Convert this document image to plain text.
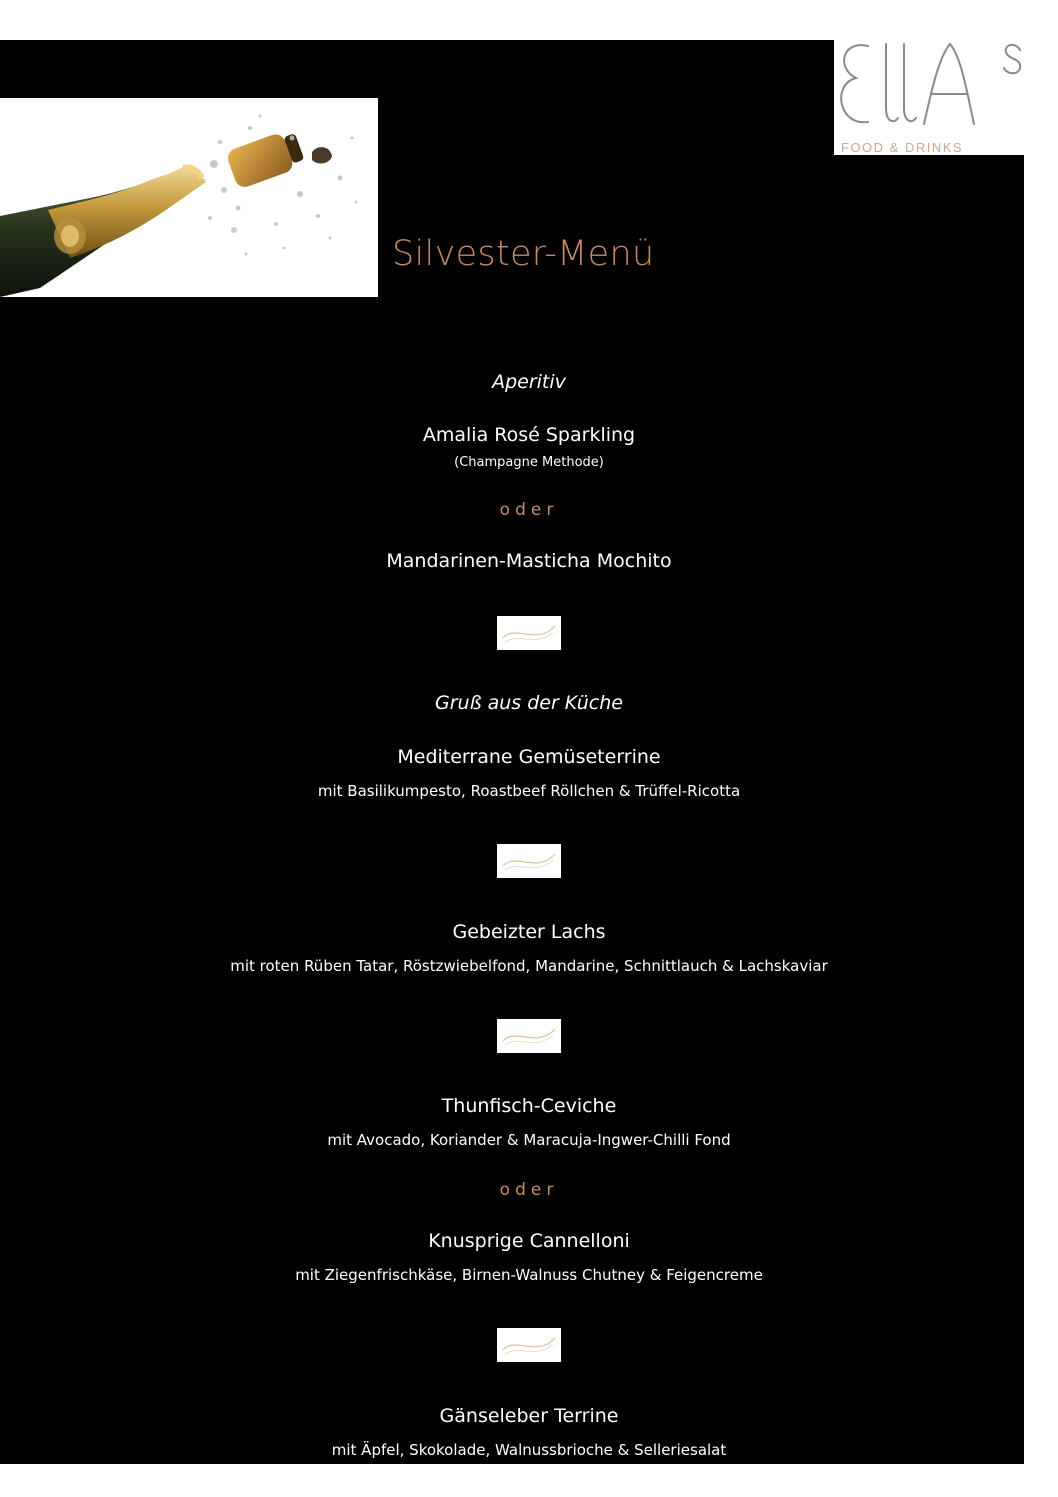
FOOD & DRINKS
Silvester-Menü
Aperitiv
Amalia Rosé Sparkling
(Champagne Methode)
oder
Mandarinen-Masticha Mochito
Gruß aus der Küche
Mediterrane Gemüseterrine
mit Basilikumpesto, Roastbeef Röllchen & Trüffel-Ricotta
Gebeizter Lachs
mit roten Rüben Tatar, Röstzwiebelfond, Mandarine, Schnittlauch & Lachskaviar
Thunfisch-Ceviche
mit Avocado, Koriander & Maracuja-Ingwer-Chilli Fond
oder
Knusprige Cannelloni
mit Ziegenfrischkäse, Birnen-Walnuss Chutney & Feigencreme
Gänseleber Terrine
mit Äpfel, Skokolade, Walnussbrioche & Selleriesalat
